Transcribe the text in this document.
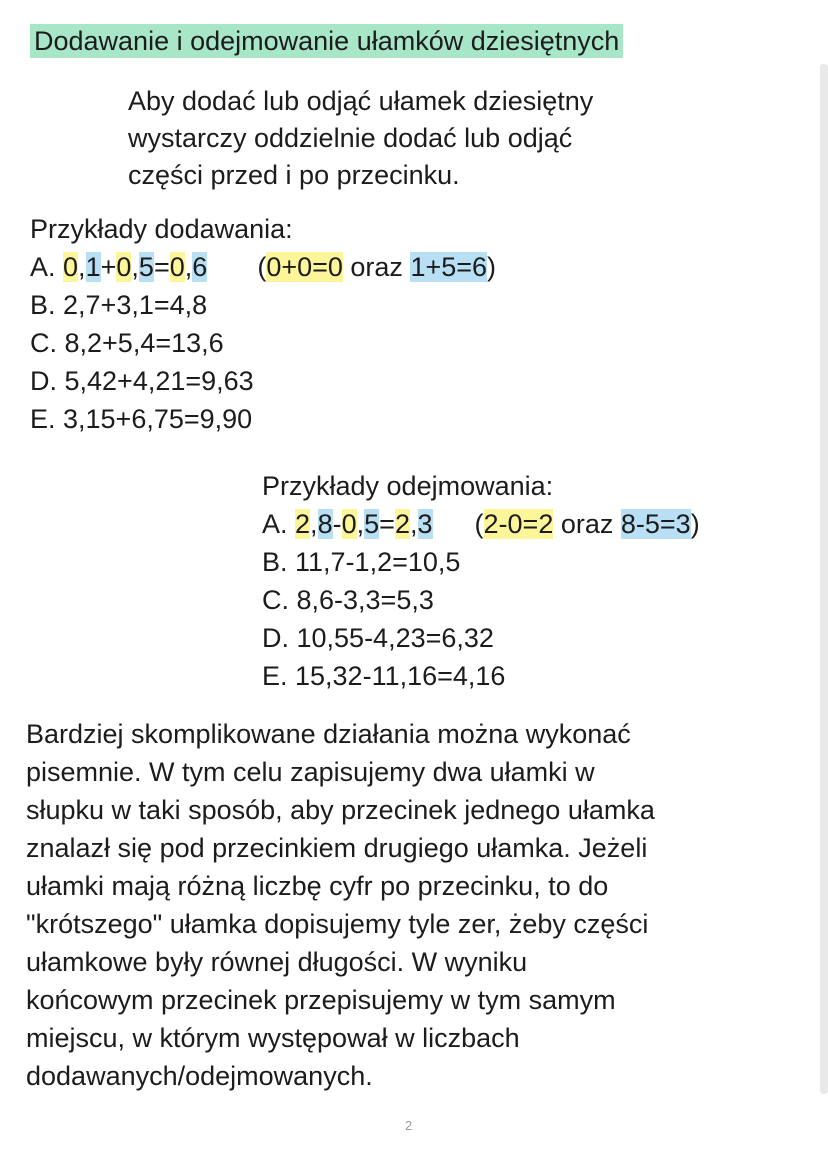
Dodawanie i odejmowanie ułamków dziesiętnych
Aby dodać lub odjąć ułamek dziesiętny
wystarczy oddzielnie dodać lub odjąć
części przed i po przecinku.
Przykłady dodawania:
A. 0,1+0,5=0,6 (0+0=0 oraz 1+5=6)
B. 2,7+3,1=4,8
C. 8,2+5,4=13,6
D. 5,42+4,21=9,63
E. 3,15+6,75=9,90
Przykłady odejmowania:
A. 2,8-0,5=2,3 (2-0=2 oraz 8-5=3)
B. 11,7-1,2=10,5
C. 8,6-3,3=5,3
D. 10,55-4,23=6,32
E. 15,32-11,16=4,16
Bardziej skomplikowane działania można wykonać
pisemnie. W tym celu zapisujemy dwa ułamki w
słupku w taki sposób, aby przecinek jednego ułamka
znalazł się pod przecinkiem drugiego ułamka. Jeżeli
ułamki mają różną liczbę cyfr po przecinku, to do
"krótszego" ułamka dopisujemy tyle zer, żeby części
ułamkowe były równej długości. W wyniku
końcowym przecinek przepisujemy w tym samym
miejscu, w którym występował w liczbach
dodawanych/odejmowanych.
2
